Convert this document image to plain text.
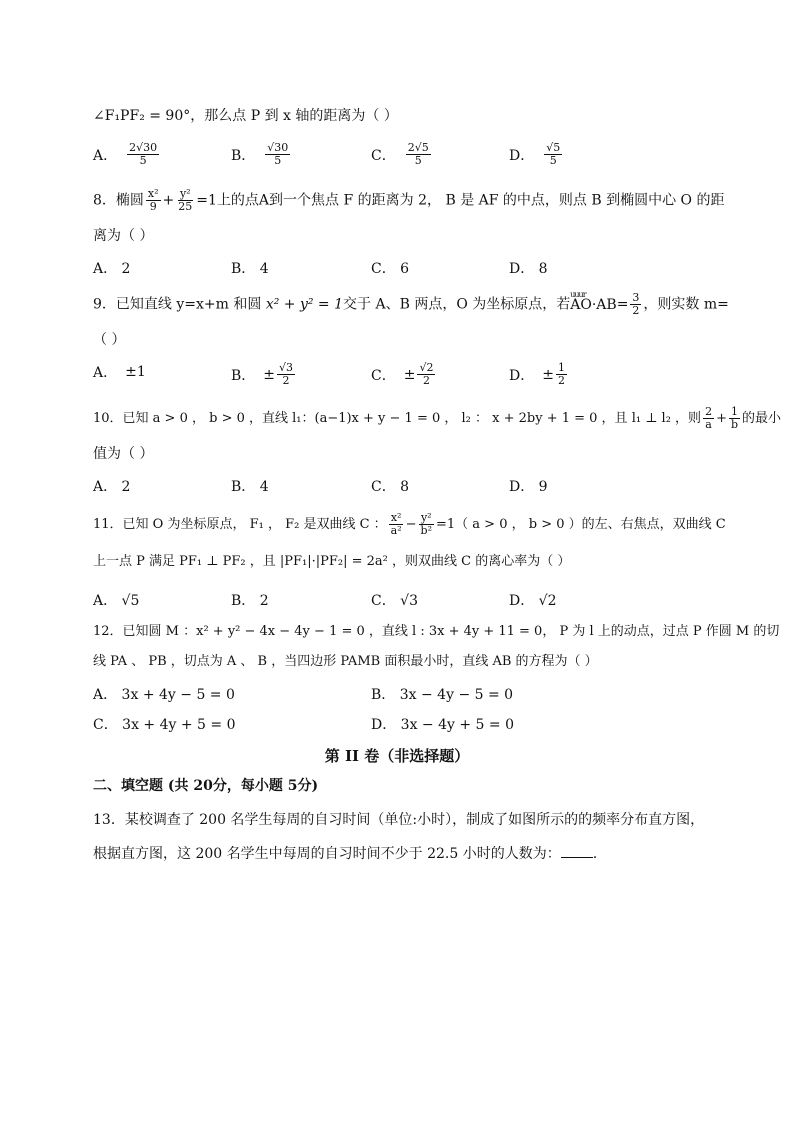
∠F₁PF₂ = 90°，那么点 P 到 x 轴的距离为（ ）
A． $\frac{2√30}{5}$	B． $\frac{√30}{5}$	C． $\frac{2√5}{5}$	D． $\frac{√5}{5}$
8．椭圆 $\frac{\text{x²}}{9} + \frac{\text{y²}}{25} =1$上的点A到一个焦点 F 的距离为 2， B 是 AF 的中点，则点 B 到椭圆中心 O 的距
离为（ ）
A． 2	B． 4	C． 6	D． 8
9．已知直线 y=x+m 和圆 x² + y² = 1交于 A、B 两点，O 为坐标原点，若uuur $AO\cdot AB= \frac{3}{2}$ ，则实数 m=
（ ）
A． ±1	B． ± $\frac{√3}{2}$	C． ± $\frac{√2}{2}$	D． ± $\frac{1}{2}$
10．已知 a > 0 ， b > 0 ，直线 l₁：(a−1)x + y − 1 = 0 ， l₂ ： x + 2by + 1 = 0 ，且 l₁ ⊥ l₂ ，则 $\frac{2}{a} + \frac{1}{b}$ 的最小
值为（ ）
A． 2	B． 4	C． 8	D． 9
11．已知 O 为坐标原点， F₁ ， F₂ 是双曲线 C ： $\frac{\text{x²}}{\text{a²}} - \frac{\text{y²}}{\text{b²}} =1$（ a > 0 ， b > 0 ）的左、右焦点，双曲线 C
上一点 P 满足 PF₁ ⊥ PF₂ ，且 |PF₁|·|PF₂| = 2a² ，则双曲线 C 的离心率为（ ）
A． √5	B． 2	C． √3	D． √2
12．已知圆 M ：x² + y² − 4x − 4y − 1 = 0 ，直线 l : 3x + 4y + 11 = 0， P 为 l 上的动点，过点 P 作圆 M 的切
线 PA 、 PB ，切点为 A 、 B ，当四边形 PAMB 面积最小时，直线 AB 的方程为（ ）
A． 3x + 4y − 5 = 0	B． 3x − 4y − 5 = 0
C． 3x + 4y + 5 = 0	D． 3x − 4y + 5 = 0
第 II 卷（非选择题）
二、填空题 (共 20分，每小题 5分)
13．某校调查了 200 名学生每周的自习时间（单位:小时），制成了如图所示的的频率分布直方图，
根据直方图，这 200 名学生中每周的自习时间不少于 22.5 小时的人数为： .
